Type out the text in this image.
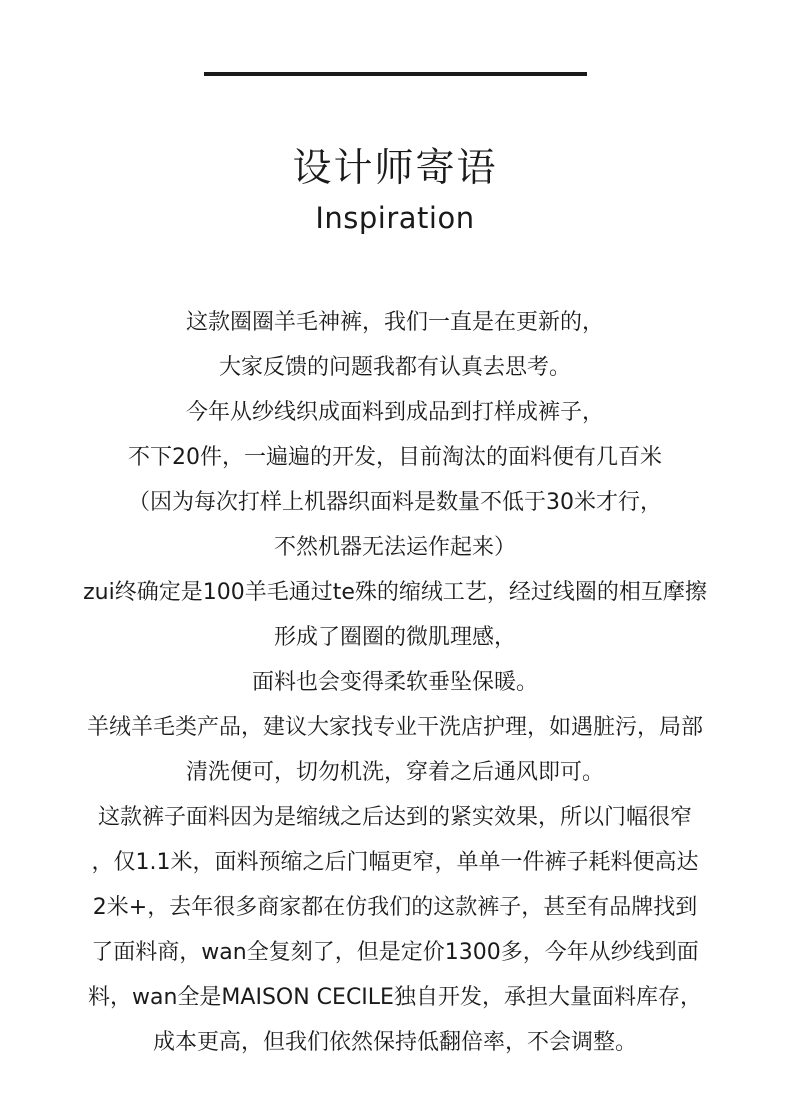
设计师寄语
Inspiration
这款圈圈羊毛神裤，我们一直是在更新的，
大家反馈的问题我都有认真去思考。
今年从纱线织成面料到成品到打样成裤子，
不下20件，一遍遍的开发，目前淘汰的面料便有几百米
（因为每次打样上机器织面料是数量不低于30米才行，
不然机器无法运作起来）
zui终确定是100羊毛通过te殊的缩绒工艺，经过线圈的相互摩擦
形成了圈圈的微肌理感，
面料也会变得柔软垂坠保暖。
羊绒羊毛类产品，建议大家找专业干洗店护理，如遇脏污，局部
清洗便可，切勿机洗，穿着之后通风即可。
这款裤子面料因为是缩绒之后达到的紧实效果，所以门幅很窄
，仅1.1米，面料预缩之后门幅更窄，单单一件裤子耗料便高达
2米+，去年很多商家都在仿我们的这款裤子，甚至有品牌找到
了面料商，wan全复刻了，但是定价1300多，今年从纱线到面
料，wan全是MAISON CECILE独自开发，承担大量面料库存，
成本更高，但我们依然保持低翻倍率，不会调整。
